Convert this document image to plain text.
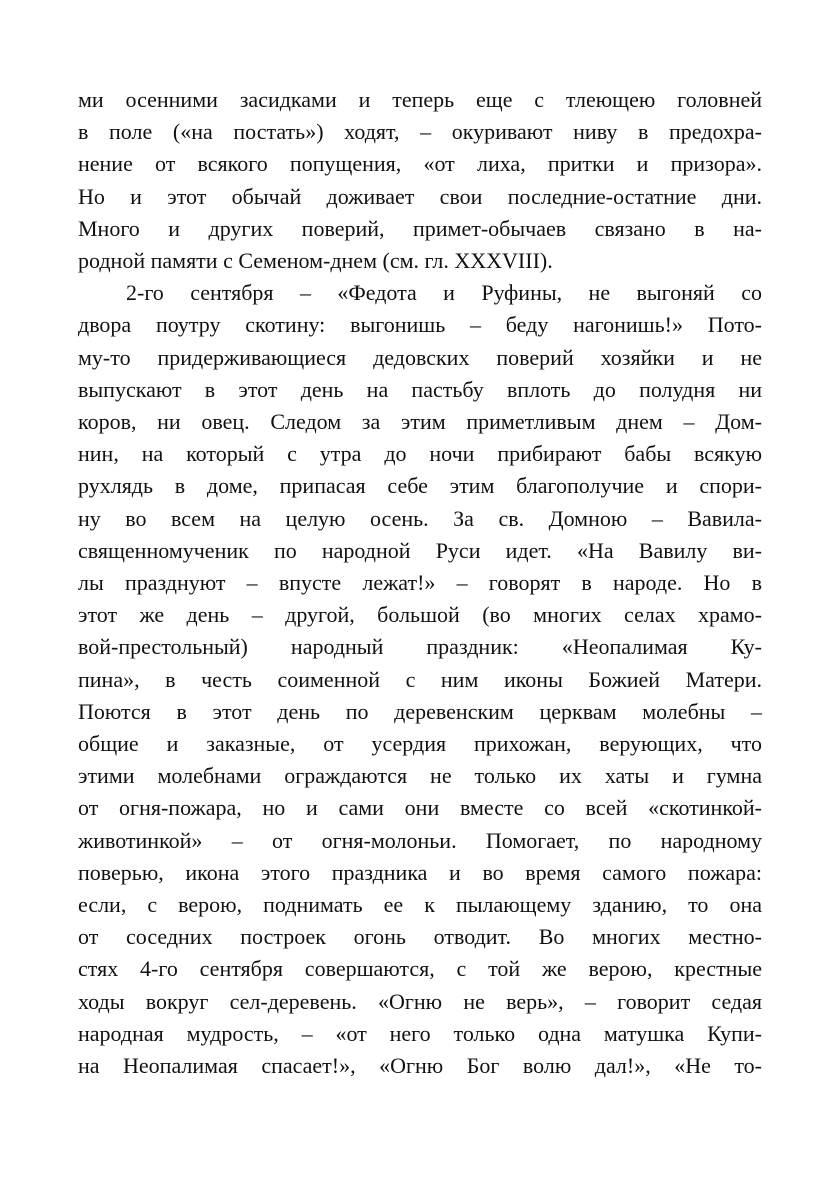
ми осенними засидками и теперь еще с тлеющею головней
в поле («на постать») ходят, – окуривают ниву в предохра-
нение от всякого попущения, «от лиха, притки и призора».
Но и этот обычай доживает свои последние-остатние дни.
Много и других поверий, примет-обычаев связано в на-
родной памяти с Семеном-днем (см. гл. XXXVIII).
2-го сентября – «Федота и Руфины, не выгоняй со
двора поутру скотину: выгонишь – беду нагонишь!» Пото-
му-то придерживающиеся дедовских поверий хозяйки и не
выпускают в этот день на пастьбу вплоть до полудня ни
коров, ни овец. Следом за этим приметливым днем – Дом-
нин, на который с утра до ночи прибирают бабы всякую
рухлядь в доме, припасая себе этим благополучие и спори-
ну во всем на целую осень. За св. Домною – Вавила-
священномученик по народной Руси идет. «На Вавилу ви-
лы празднуют – впусте лежат!» – говорят в народе. Но в
этот же день – другой, большой (во многих селах храмо-
вой-престольный) народный праздник: «Неопалимая Ку-
пина», в честь соименной с ним иконы Божией Матери.
Поются в этот день по деревенским церквам молебны –
общие и заказные, от усердия прихожан, верующих, что
этими молебнами ограждаются не только их хаты и гумна
от огня-пожара, но и сами они вместе со всей «скотинкой-
животинкой» – от огня-молоньи. Помогает, по народному
поверью, икона этого праздника и во время самого пожара:
если, с верою, поднимать ее к пылающему зданию, то она
от соседних построек огонь отводит. Во многих местно-
стях 4-го сентября совершаются, с той же верою, крестные
ходы вокруг сел-деревень. «Огню не верь», – говорит седая
народная мудрость, – «от него только одна матушка Купи-
на Неопалимая спасает!», «Огню Бог волю дал!», «Не то-
